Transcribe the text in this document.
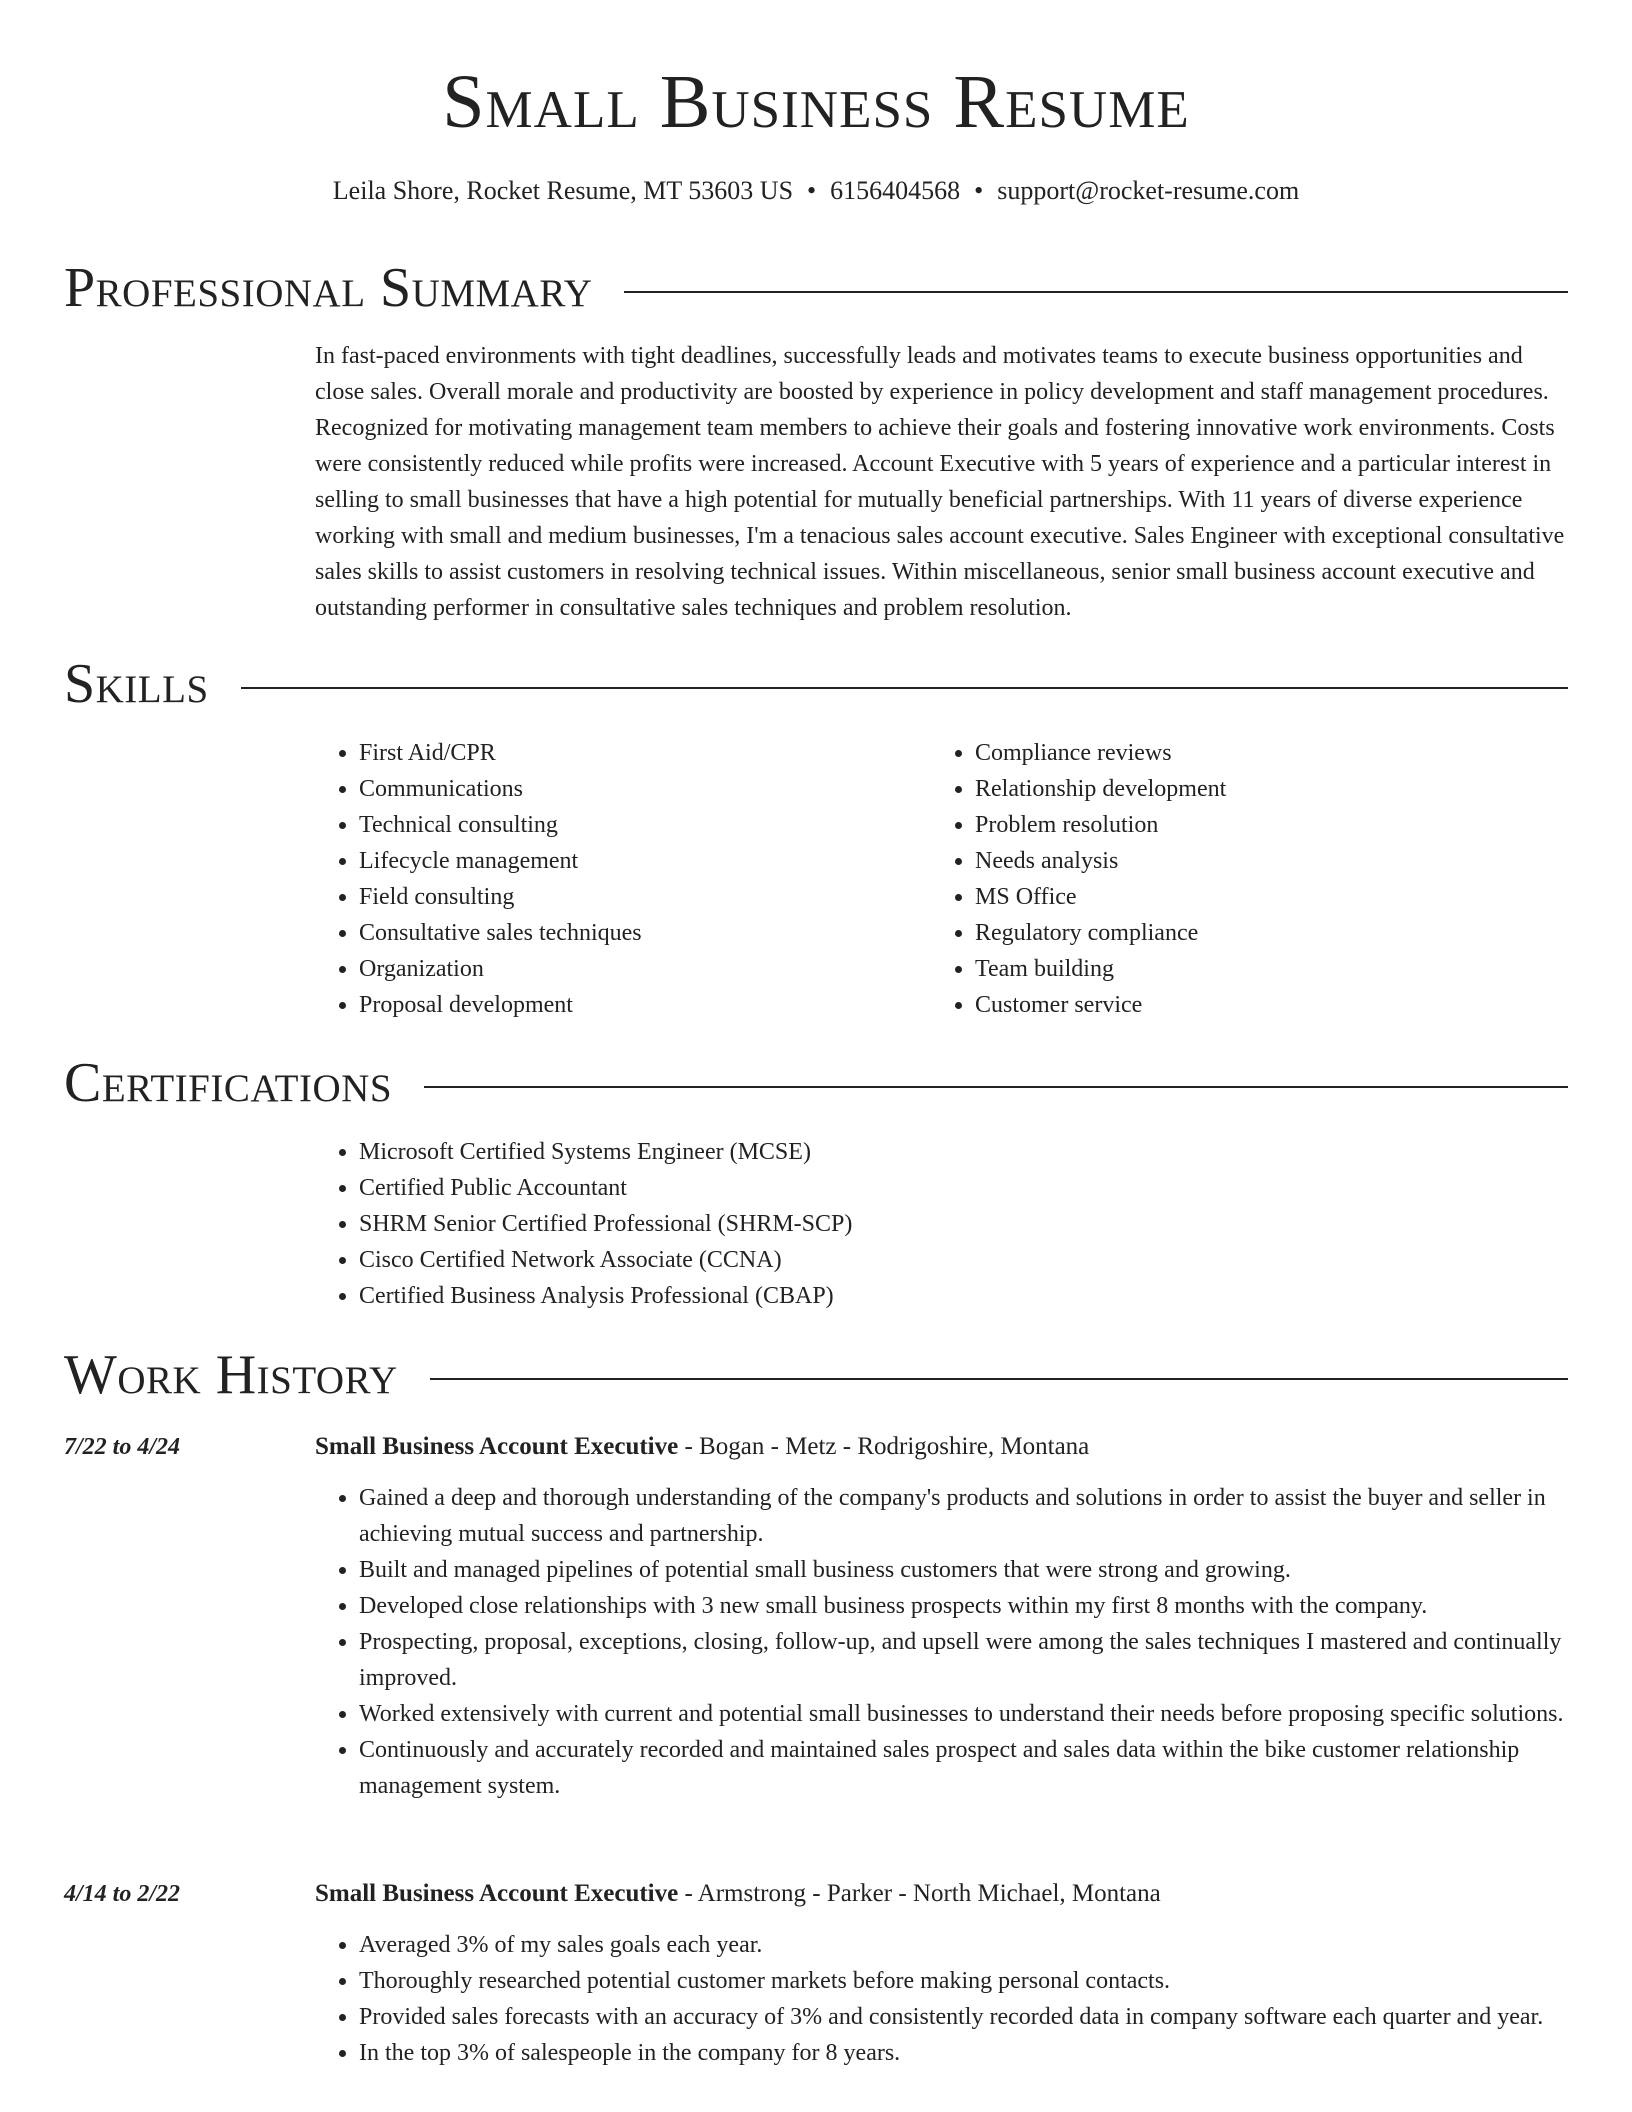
Small Business Resume
Leila Shore, Rocket Resume, MT 53603 US • 6156404568 • support@rocket-resume.com
Professional Summary

In fast-paced environments with tight deadlines, successfully leads and motivates teams to execute business opportunities and close sales. Overall morale and productivity are boosted by experience in policy development and staff management procedures. Recognized for motivating management team members to achieve their goals and fostering innovative work environments. Costs were consistently reduced while profits were increased. Account Executive with 5 years of experience and a particular interest in selling to small businesses that have a high potential for mutually beneficial partnerships. With 11 years of diverse experience working with small and medium businesses, I'm a tenacious sales account executive. Sales Engineer with exceptional consultative sales skills to assist customers in resolving technical issues. Within miscellaneous, senior small business account executive and outstanding performer in consultative sales techniques and problem resolution.

Skills
• First Aid/CPR
• Communications
• Technical consulting
• Lifecycle management
• Field consulting
• Consultative sales techniques
• Organization
• Proposal development
• Compliance reviews
• Relationship development
• Problem resolution
• Needs analysis
• MS Office
• Regulatory compliance
• Team building
• Customer service
Certifications
• Microsoft Certified Systems Engineer (MCSE)
• Certified Public Accountant
• SHRM Senior Certified Professional (SHRM-SCP)
• Cisco Certified Network Associate (CCNA)
• Certified Business Analysis Professional (CBAP)
Work History
7/22 to 4/24	Small Business Account Executive - Bogan - Metz - Rodrigoshire, Montana
• Gained a deep and thorough understanding of the company's products and solutions in order to assist the buyer and seller in achieving mutual success and partnership.
• Built and managed pipelines of potential small business customers that were strong and growing.
• Developed close relationships with 3 new small business prospects within my first 8 months with the company.
• Prospecting, proposal, exceptions, closing, follow-up, and upsell were among the sales techniques I mastered and continually improved.
• Worked extensively with current and potential small businesses to understand their needs before proposing specific solutions.
• Continuously and accurately recorded and maintained sales prospect and sales data within the bike customer relationship management system.
4/14 to 2/22	Small Business Account Executive - Armstrong - Parker - North Michael, Montana
• Averaged 3% of my sales goals each year.
• Thoroughly researched potential customer markets before making personal contacts.
• Provided sales forecasts with an accuracy of 3% and consistently recorded data in company software each quarter and year.
• In the top 3% of salespeople in the company for 8 years.
